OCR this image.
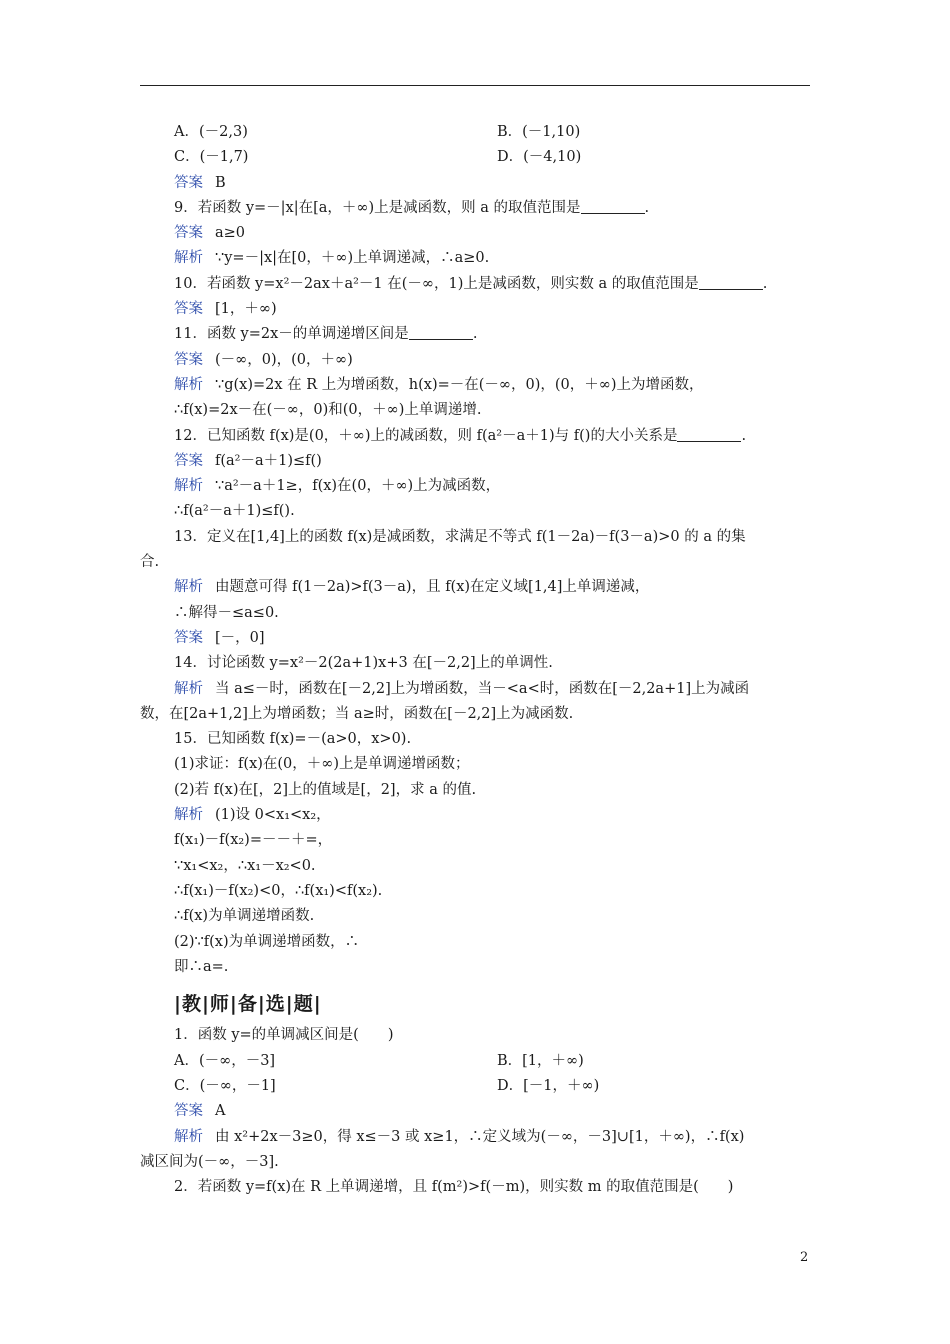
A．(－2,3)	B．(－1,10)
C．(－1,7)	D．(－4,10)
答案 B
9．若函数 y=－|x|在[a，＋∞)上是减函数，则 a 的取值范围是	.
答案 a≥0
解析 ∵y=－|x|在[0，＋∞)上单调递减，∴a≥0.
10．若函数 y=x²－2ax＋a²－1 在(－∞，1)上是减函数，则实数 a 的取值范围是	.
答案 [1，＋∞)
11．函数 y=2x－的单调递增区间是	.
答案 (－∞，0)，(0，＋∞)
解析 ∵g(x)=2x 在 R 上为增函数，h(x)=－在(－∞，0)，(0，＋∞)上为增函数，
∴f(x)=2x－在(－∞，0)和(0，＋∞)上单调递增.
12．已知函数 f(x)是(0，＋∞)上的减函数，则 f(a²－a＋1)与 f()的大小关系是	.
答案 f(a²－a＋1)≤f()
解析 ∵a²－a＋1≥，f(x)在(0，＋∞)上为减函数，
∴f(a²－a＋1)≤f().
13．定义在[1,4]上的函数 f(x)是减函数，求满足不等式 f(1－2a)－f(3－a)>0 的 a 的集
合.
解析 由题意可得 f(1－2a)>f(3－a)，且 f(x)在定义域[1,4]上单调递减，
∴解得－≤a≤0.
答案 [－，0]
14．讨论函数 y=x²－2(2a+1)x+3 在[－2,2]上的单调性.
解析 当 a≤－时，函数在[－2,2]上为增函数，当－<a<时，函数在[－2,2a+1]上为减函
数，在[2a+1,2]上为增函数；当 a≥时，函数在[－2,2]上为减函数.
15．已知函数 f(x)=－(a>0，x>0).
(1)求证：f(x)在(0，＋∞)上是单调递增函数；
(2)若 f(x)在[，2]上的值域是[，2]，求 a 的值.
解析 (1)设 0<x₁<x₂，
f(x₁)－f(x₂)=－－＋=，
∵x₁<x₂，∴x₁－x₂<0.
∴f(x₁)－f(x₂)<0，∴f(x₁)<f(x₂).
∴f(x)为单调递增函数.
(2)∵f(x)为单调递增函数，∴
即∴a=.
|教|师|备|选|题|
1．函数 y=的单调减区间是(　　)
A．(－∞，－3]	B．[1，＋∞)
C．(－∞，－1]	D．[－1，＋∞)
答案 A
解析 由 x²+2x－3≥0，得 x≤－3 或 x≥1，∴定义域为(－∞，－3]∪[1，＋∞)，∴f(x)
减区间为(－∞，－3].
2．若函数 y=f(x)在 R 上单调递增，且 f(m²)>f(－m)，则实数 m 的取值范围是(　　)
2
